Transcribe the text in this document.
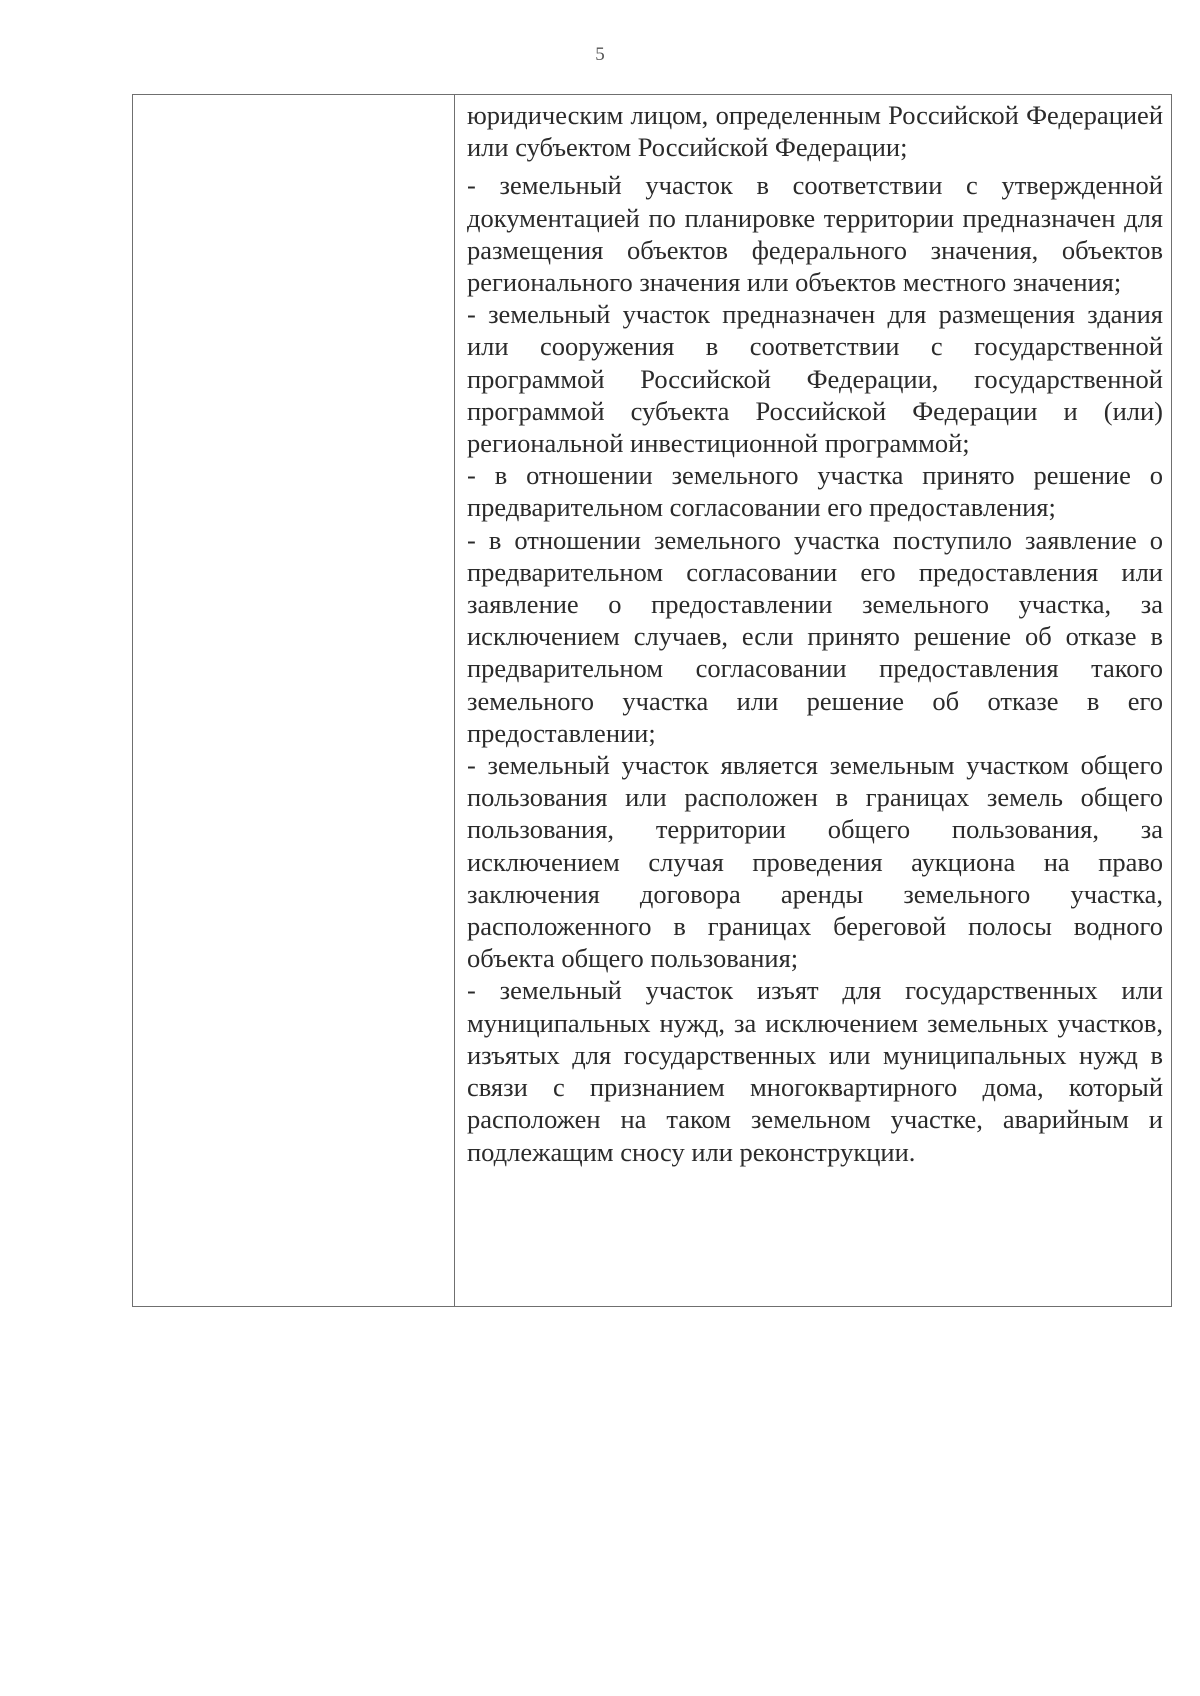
5

юридическим лицом, определенным Российской Федерацией или субъектом Российской Федерации;

- земельный участок в соответствии с утвержденной документацией по планировке территории предназначен для размещения объектов федерального значения, объектов регионального значения или объектов местного значения;

- земельный участок предназначен для размещения здания или сооружения в соответствии с государственной программой Российской Федерации, государственной программой субъекта Российской Федерации и (или) региональной инвестиционной программой;

- в отношении земельного участка принято решение о предварительном согласовании его предоставления;

- в отношении земельного участка поступило заявление о предварительном согласовании его предоставления или заявление о предоставлении земельного участка, за исключением случаев, если принято решение об отказе в предварительном согласовании предоставления такого земельного участка или решение об отказе в его предоставлении;

- земельный участок является земельным участком общего пользования или расположен в границах земель общего пользования, территории общего пользования, за исключением случая проведения аукциона на право заключения договора аренды земельного участка, расположенного в границах береговой полосы водного объекта общего пользования;

- земельный участок изъят для государственных или муниципальных нужд, за исключением земельных участков, изъятых для государственных или муниципальных нужд в связи с признанием многоквартирного дома, который расположен на таком земельном участке, аварийным и подлежащим сносу или реконструкции.
